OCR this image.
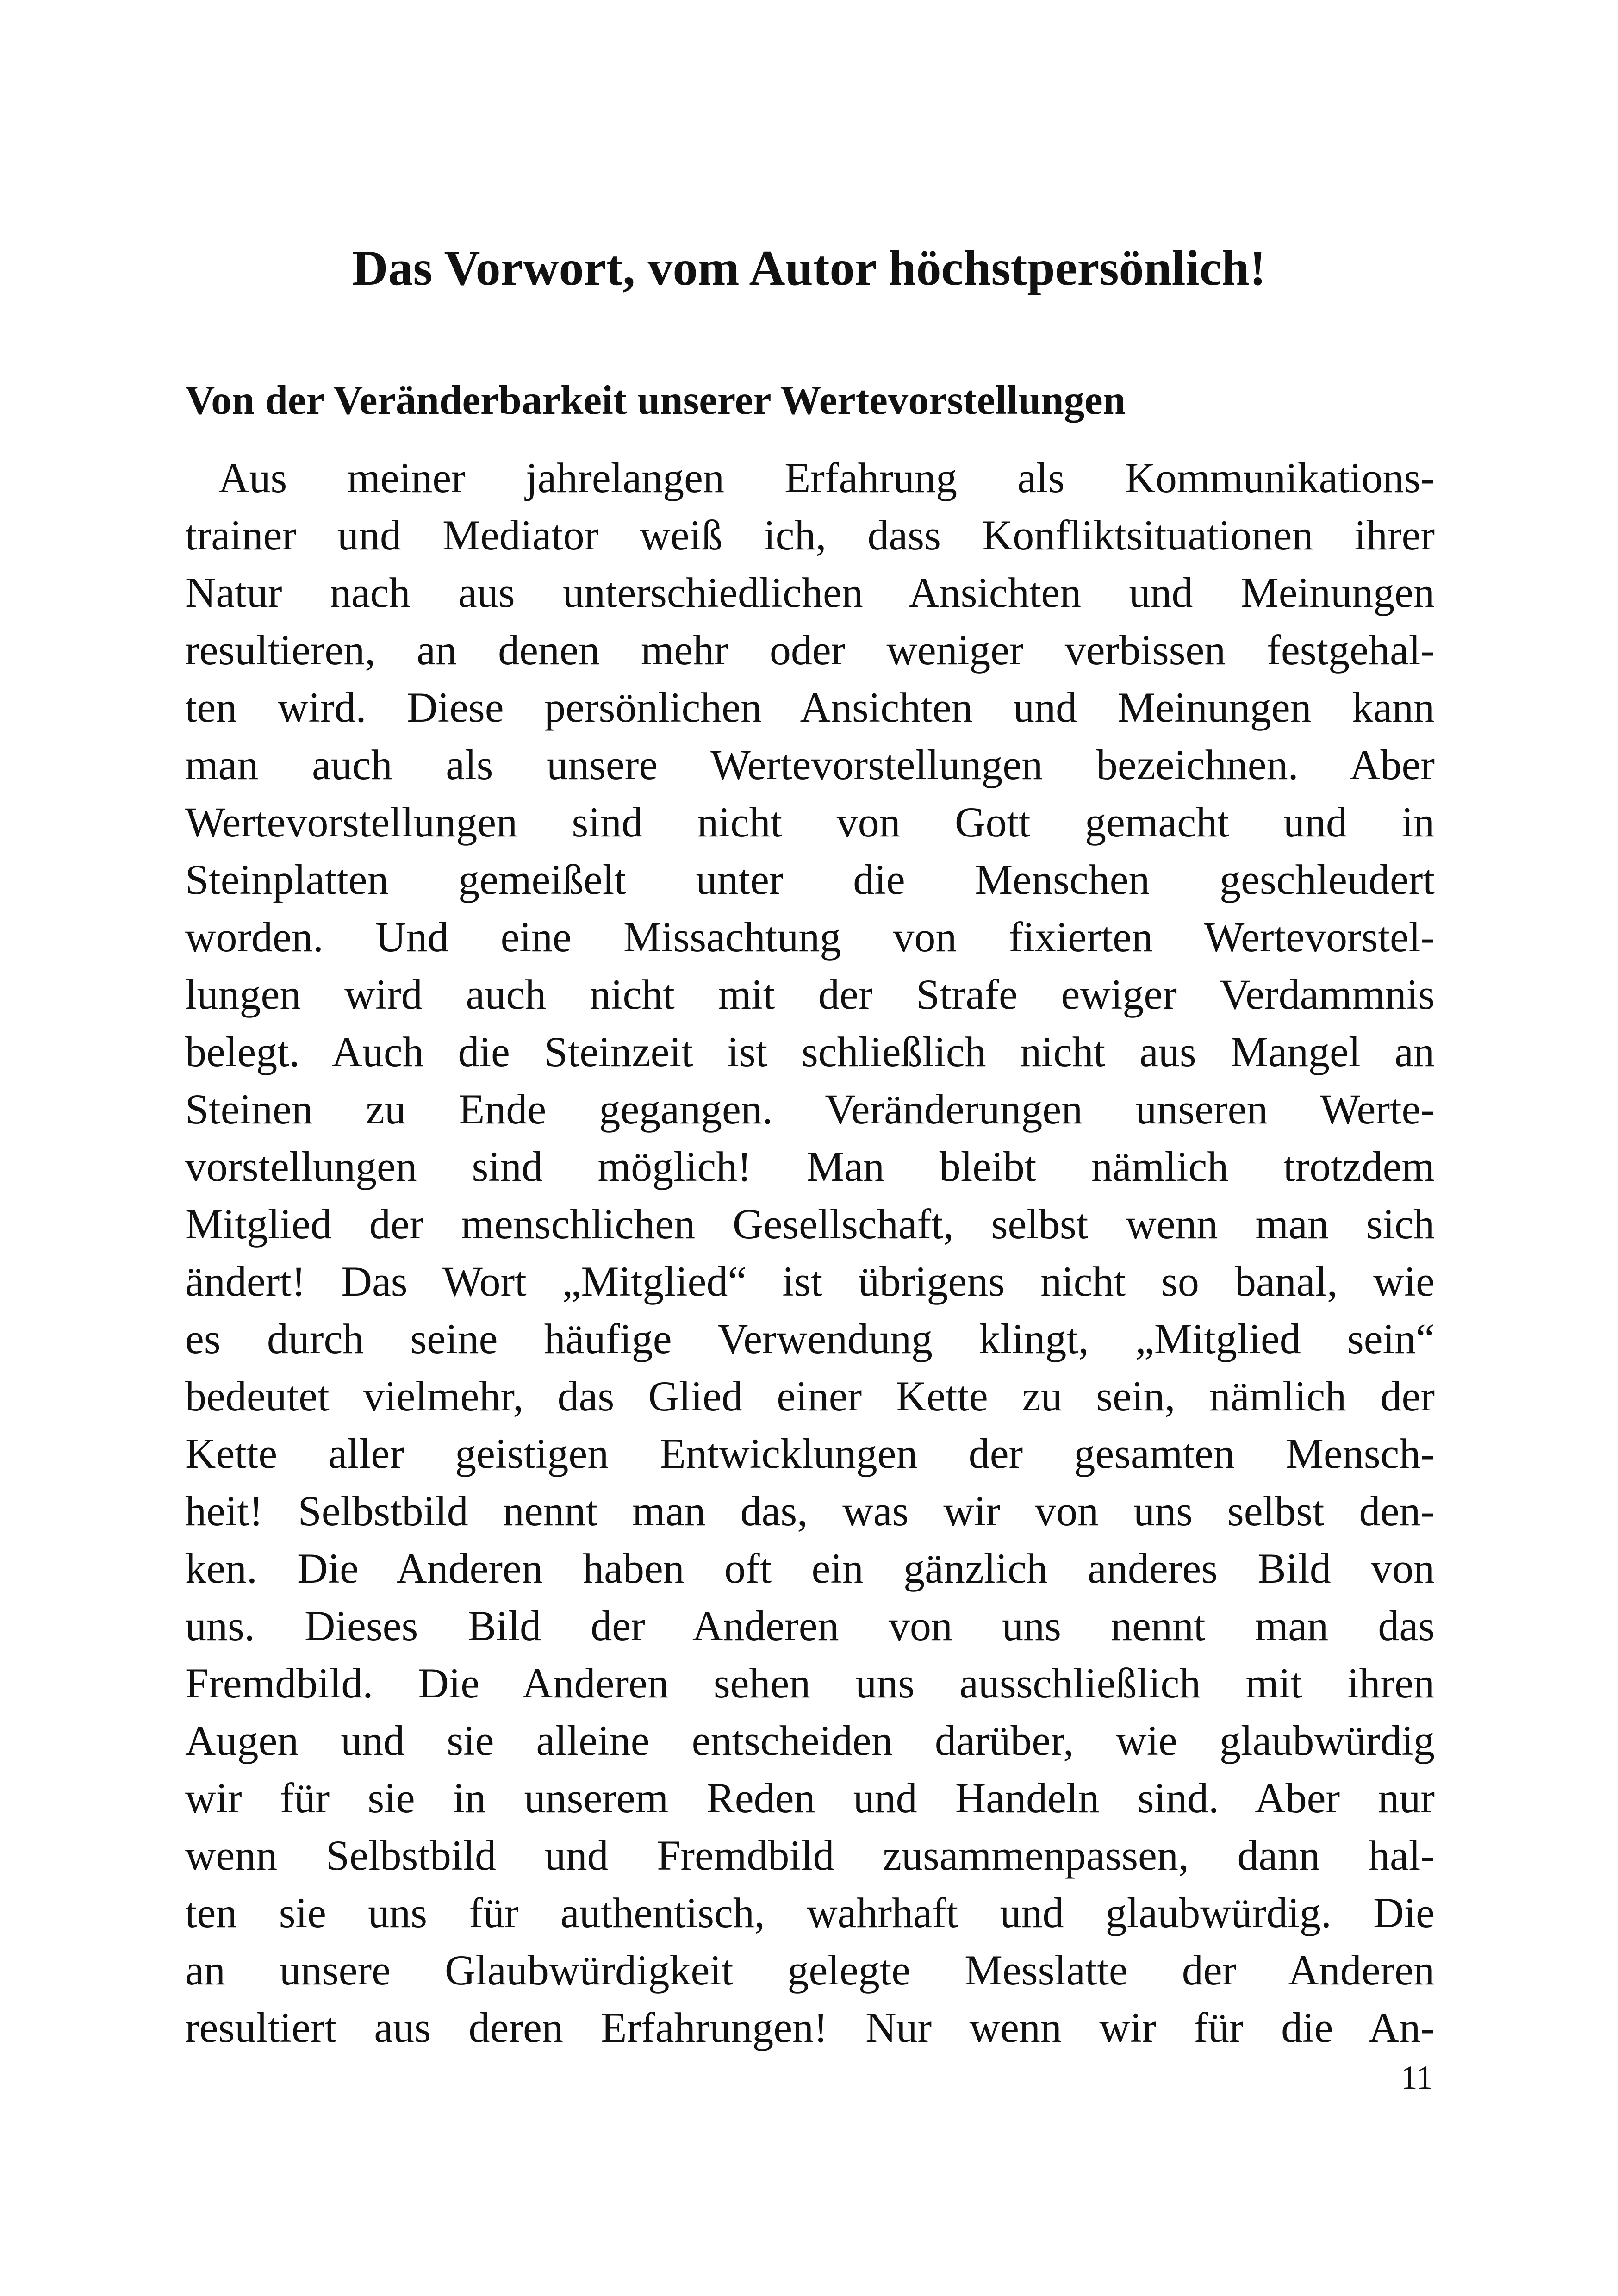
Das Vorwort, vom Autor höchstpersönlich!
Von der Veränderbarkeit unserer Wertevorstellungen
Aus meiner jahrelangen Erfahrung als Kommunikations-
trainer und Mediator weiß ich, dass Konfliktsituationen ihrer
Natur nach aus unterschiedlichen Ansichten und Meinungen
resultieren, an denen mehr oder weniger verbissen festgehal-
ten wird. Diese persönlichen Ansichten und Meinungen kann
man auch als unsere Wertevorstellungen bezeichnen. Aber
Wertevorstellungen sind nicht von Gott gemacht und in
Steinplatten gemeißelt unter die Menschen geschleudert
worden. Und eine Missachtung von fixierten Wertevorstel-
lungen wird auch nicht mit der Strafe ewiger Verdammnis
belegt. Auch die Steinzeit ist schließlich nicht aus Mangel an
Steinen zu Ende gegangen. Veränderungen unseren Werte-
vorstellungen sind möglich! Man bleibt nämlich trotzdem
Mitglied der menschlichen Gesellschaft, selbst wenn man sich
ändert! Das Wort „Mitglied“ ist übrigens nicht so banal, wie
es durch seine häufige Verwendung klingt, „Mitglied sein“
bedeutet vielmehr, das Glied einer Kette zu sein, nämlich der
Kette aller geistigen Entwicklungen der gesamten Mensch-
heit! Selbstbild nennt man das, was wir von uns selbst den-
ken. Die Anderen haben oft ein gänzlich anderes Bild von
uns. Dieses Bild der Anderen von uns nennt man das
Fremdbild. Die Anderen sehen uns ausschließlich mit ihren
Augen und sie alleine entscheiden darüber, wie glaubwürdig
wir für sie in unserem Reden und Handeln sind. Aber nur
wenn Selbstbild und Fremdbild zusammenpassen, dann hal-
ten sie uns für authentisch, wahrhaft und glaubwürdig. Die
an unsere Glaubwürdigkeit gelegte Messlatte der Anderen
resultiert aus deren Erfahrungen! Nur wenn wir für die An-
11
